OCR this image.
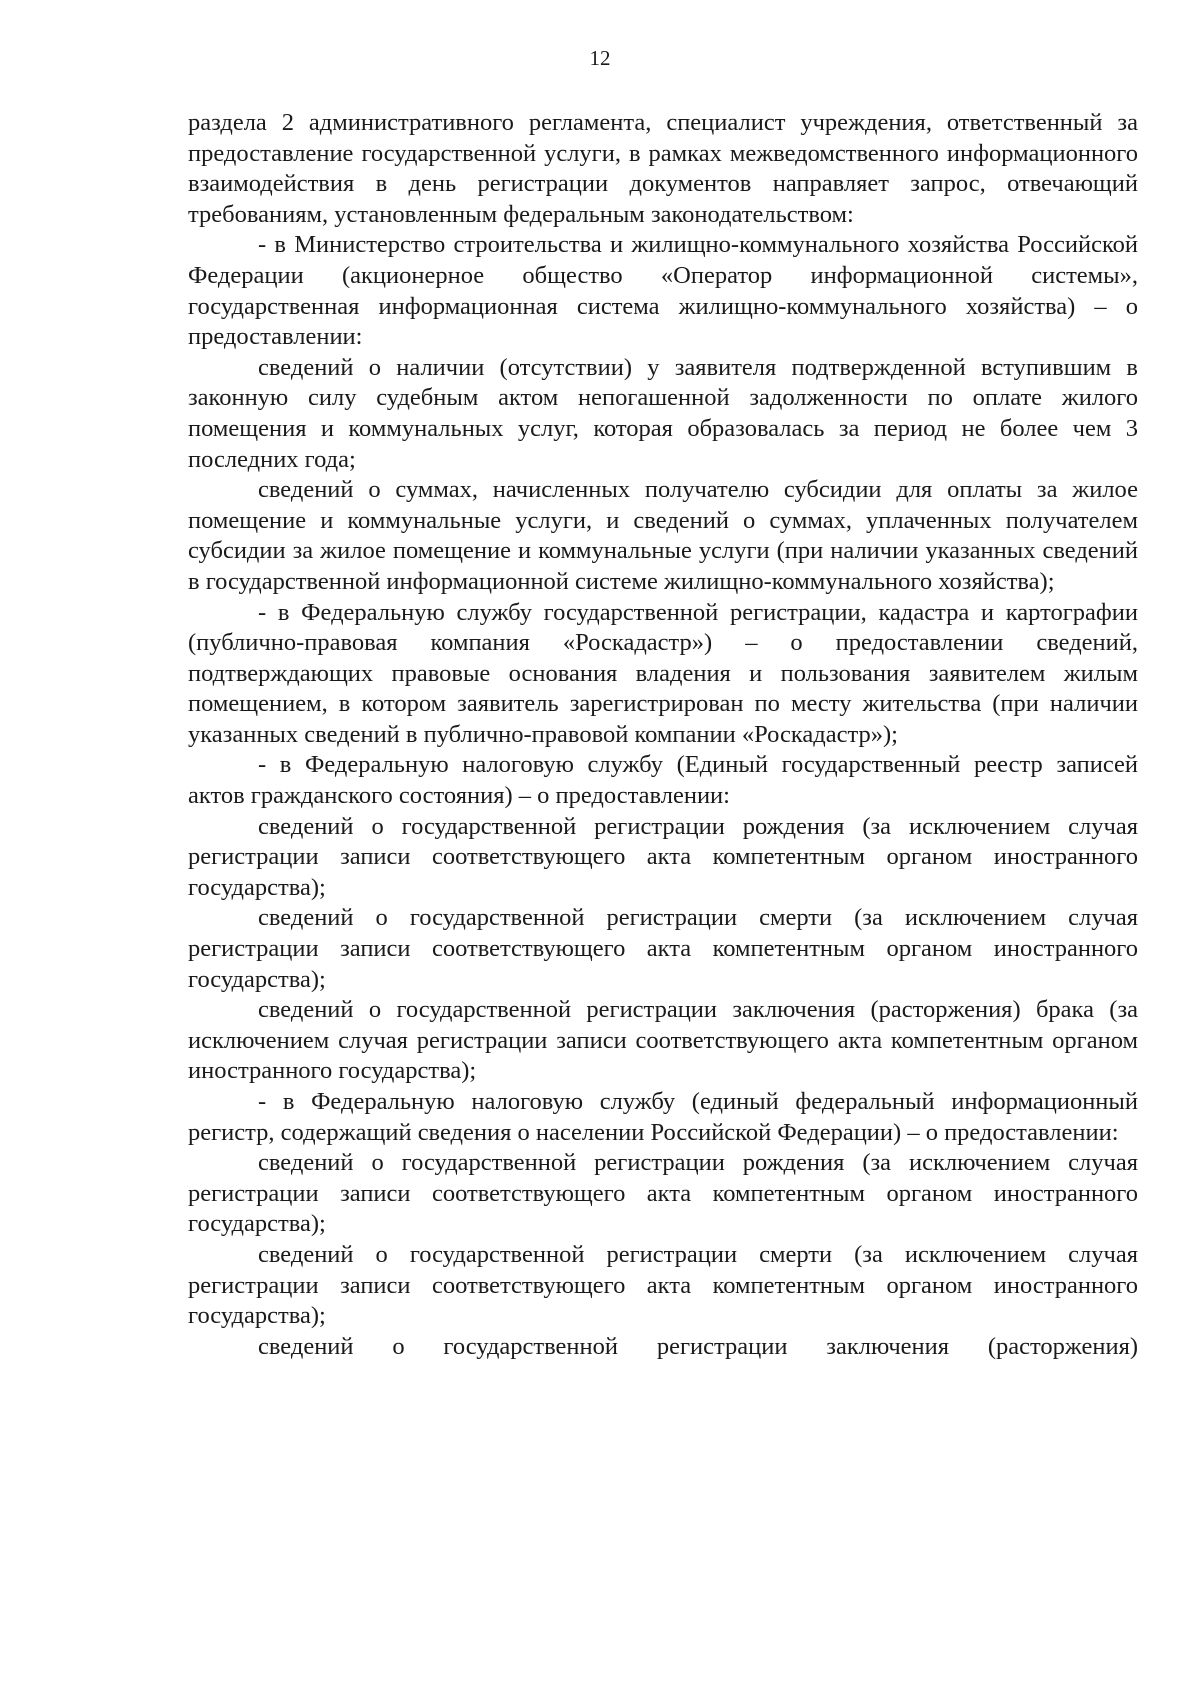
12

раздела 2 административного регламента, специалист учреждения, ответственный за предоставление государственной услуги, в рамках межведомственного информационного взаимодействия в день регистрации документов направляет запрос, отвечающий требованиям, установленным федеральным законодательством:

- в Министерство строительства и жилищно-коммунального хозяйства Российской Федерации (акционерное общество «Оператор информационной системы», государственная информационная система жилищно-коммунального хозяйства) – о предоставлении:

сведений о наличии (отсутствии) у заявителя подтвержденной вступившим в законную силу судебным актом непогашенной задолженности по оплате жилого помещения и коммунальных услуг, которая образовалась за период не более чем 3 последних года;

сведений о суммах, начисленных получателю субсидии для оплаты за жилое помещение и коммунальные услуги, и сведений о суммах, уплаченных получателем субсидии за жилое помещение и коммунальные услуги (при наличии указанных сведений в государственной информационной системе жилищно-коммунального хозяйства);

- в Федеральную службу государственной регистрации, кадастра и картографии (публично-правовая компания «Роскадастр») – о предоставлении сведений, подтверждающих правовые основания владения и пользования заявителем жилым помещением, в котором заявитель зарегистрирован по месту жительства (при наличии указанных сведений в публично-правовой компании «Роскадастр»);

- в Федеральную налоговую службу (Единый государственный реестр записей актов гражданского состояния) – о предоставлении:

сведений о государственной регистрации рождения (за исключением случая регистрации записи соответствующего акта компетентным органом иностранного государства);

сведений о государственной регистрации смерти (за исключением случая регистрации записи соответствующего акта компетентным органом иностранного государства);

сведений о государственной регистрации заключения (расторжения) брака (за исключением случая регистрации записи соответствующего акта компетентным органом иностранного государства);

- в Федеральную налоговую службу (единый федеральный информационный регистр, содержащий сведения о населении Российской Федерации) – о предоставлении:

сведений о государственной регистрации рождения (за исключением случая регистрации записи соответствующего акта компетентным органом иностранного государства);

сведений о государственной регистрации смерти (за исключением случая регистрации записи соответствующего акта компетентным органом иностранного государства);

сведений о государственной регистрации заключения (расторжения)
